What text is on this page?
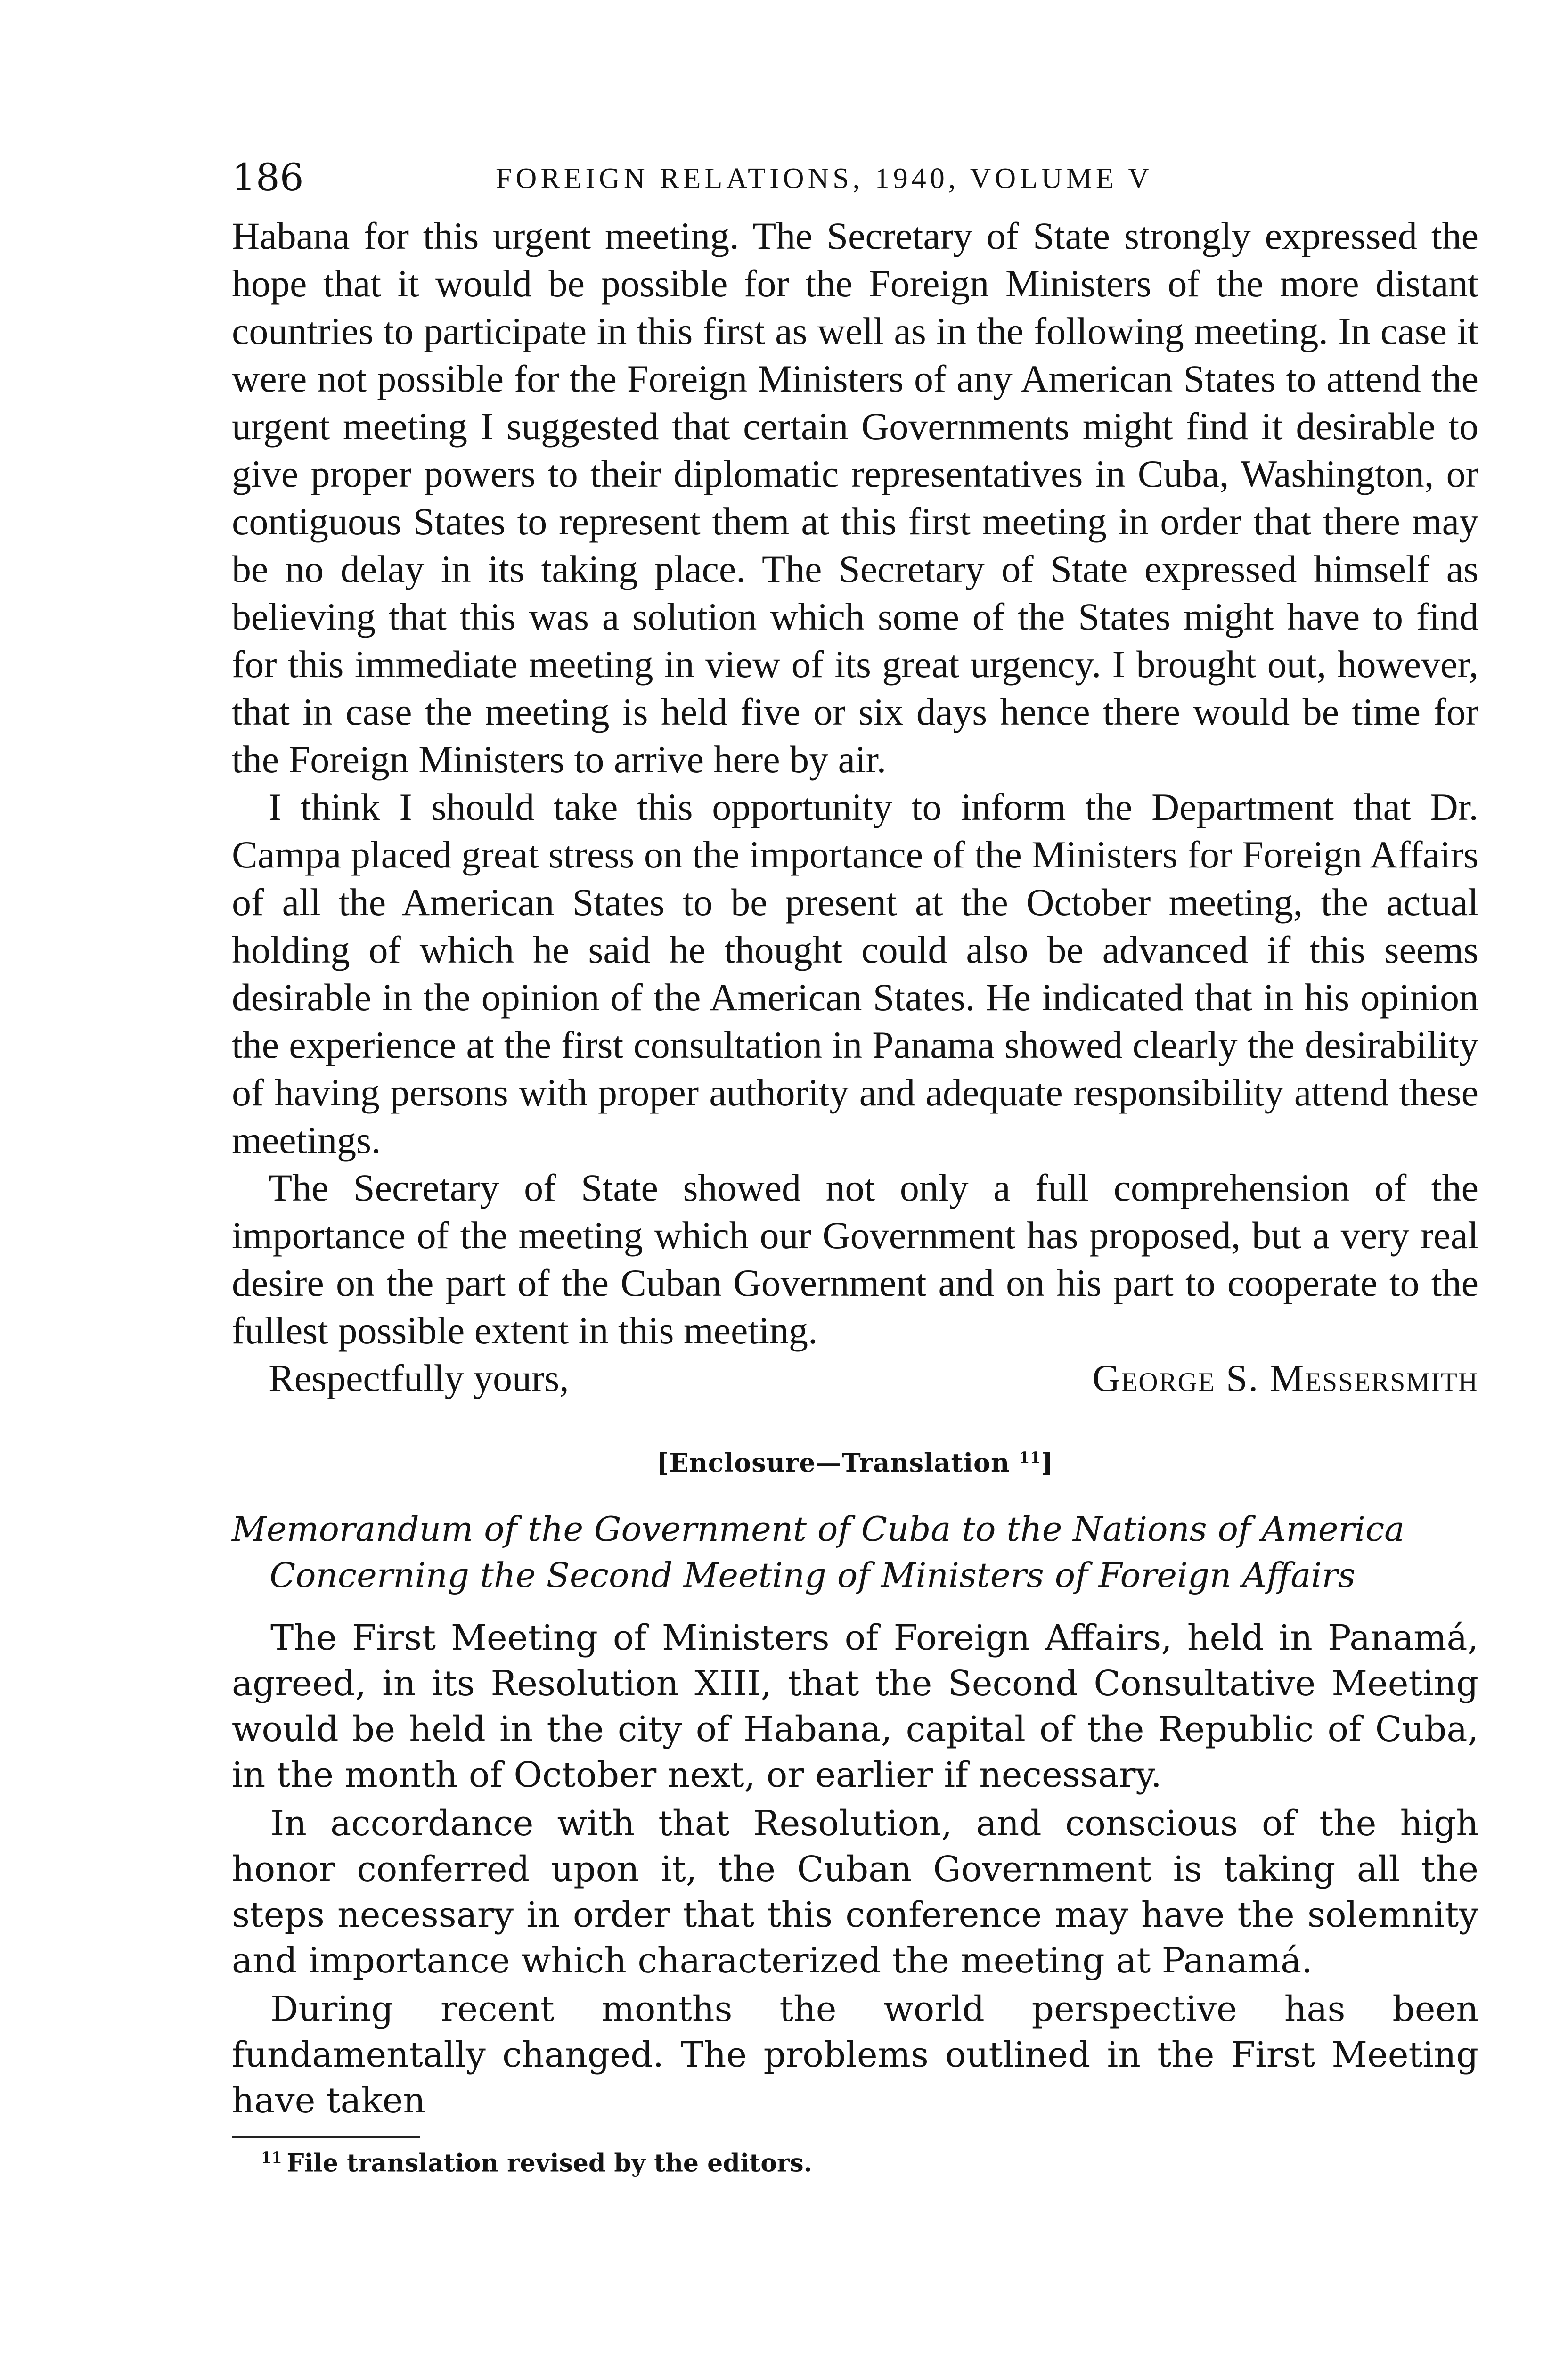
186	FOREIGN RELATIONS, 1940, VOLUME V

Habana for this urgent meeting. The Secretary of State strongly expressed the hope that it would be possible for the Foreign Ministers of the more distant countries to participate in this first as well as in the following meeting. In case it were not possible for the Foreign Ministers of any American States to attend the urgent meeting I suggested that certain Governments might find it desirable to give proper powers to their diplomatic representatives in Cuba, Washington, or contiguous States to represent them at this first meeting in order that there may be no delay in its taking place. The Secretary of State expressed himself as believing that this was a solution which some of the States might have to find for this immediate meeting in view of its great urgency. I brought out, however, that in case the meeting is held five or six days hence there would be time for the Foreign Ministers to arrive here by air.

I think I should take this opportunity to inform the Department that Dr. Campa placed great stress on the importance of the Ministers for Foreign Affairs of all the American States to be present at the October meeting, the actual holding of which he said he thought could also be advanced if this seems desirable in the opinion of the American States. He indicated that in his opinion the experience at the first consultation in Panama showed clearly the desirability of having persons with proper authority and adequate responsibility attend these meetings.

The Secretary of State showed not only a full comprehension of the importance of the meeting which our Government has proposed, but a very real desire on the part of the Cuban Government and on his part to cooperate to the fullest possible extent in this meeting.

Respectfully yours,	George S. Messersmith
[Enclosure—Translation $^{11}$]
Memorandum of the Government of Cuba to the Nations of America
Concerning the Second Meeting of Ministers of Foreign Affairs

The First Meeting of Ministers of Foreign Affairs, held in Panamá, agreed, in its Resolution XIII, that the Second Consultative Meeting would be held in the city of Habana, capital of the Republic of Cuba, in the month of October next, or earlier if necessary.

In accordance with that Resolution, and conscious of the high honor conferred upon it, the Cuban Government is taking all the steps necessary in order that this conference may have the solemnity and importance which characterized the meeting at Panamá.

During recent months the world perspective has been fundamentally changed. The problems outlined in the First Meeting have taken

$^{11}$ File translation revised by the editors.
